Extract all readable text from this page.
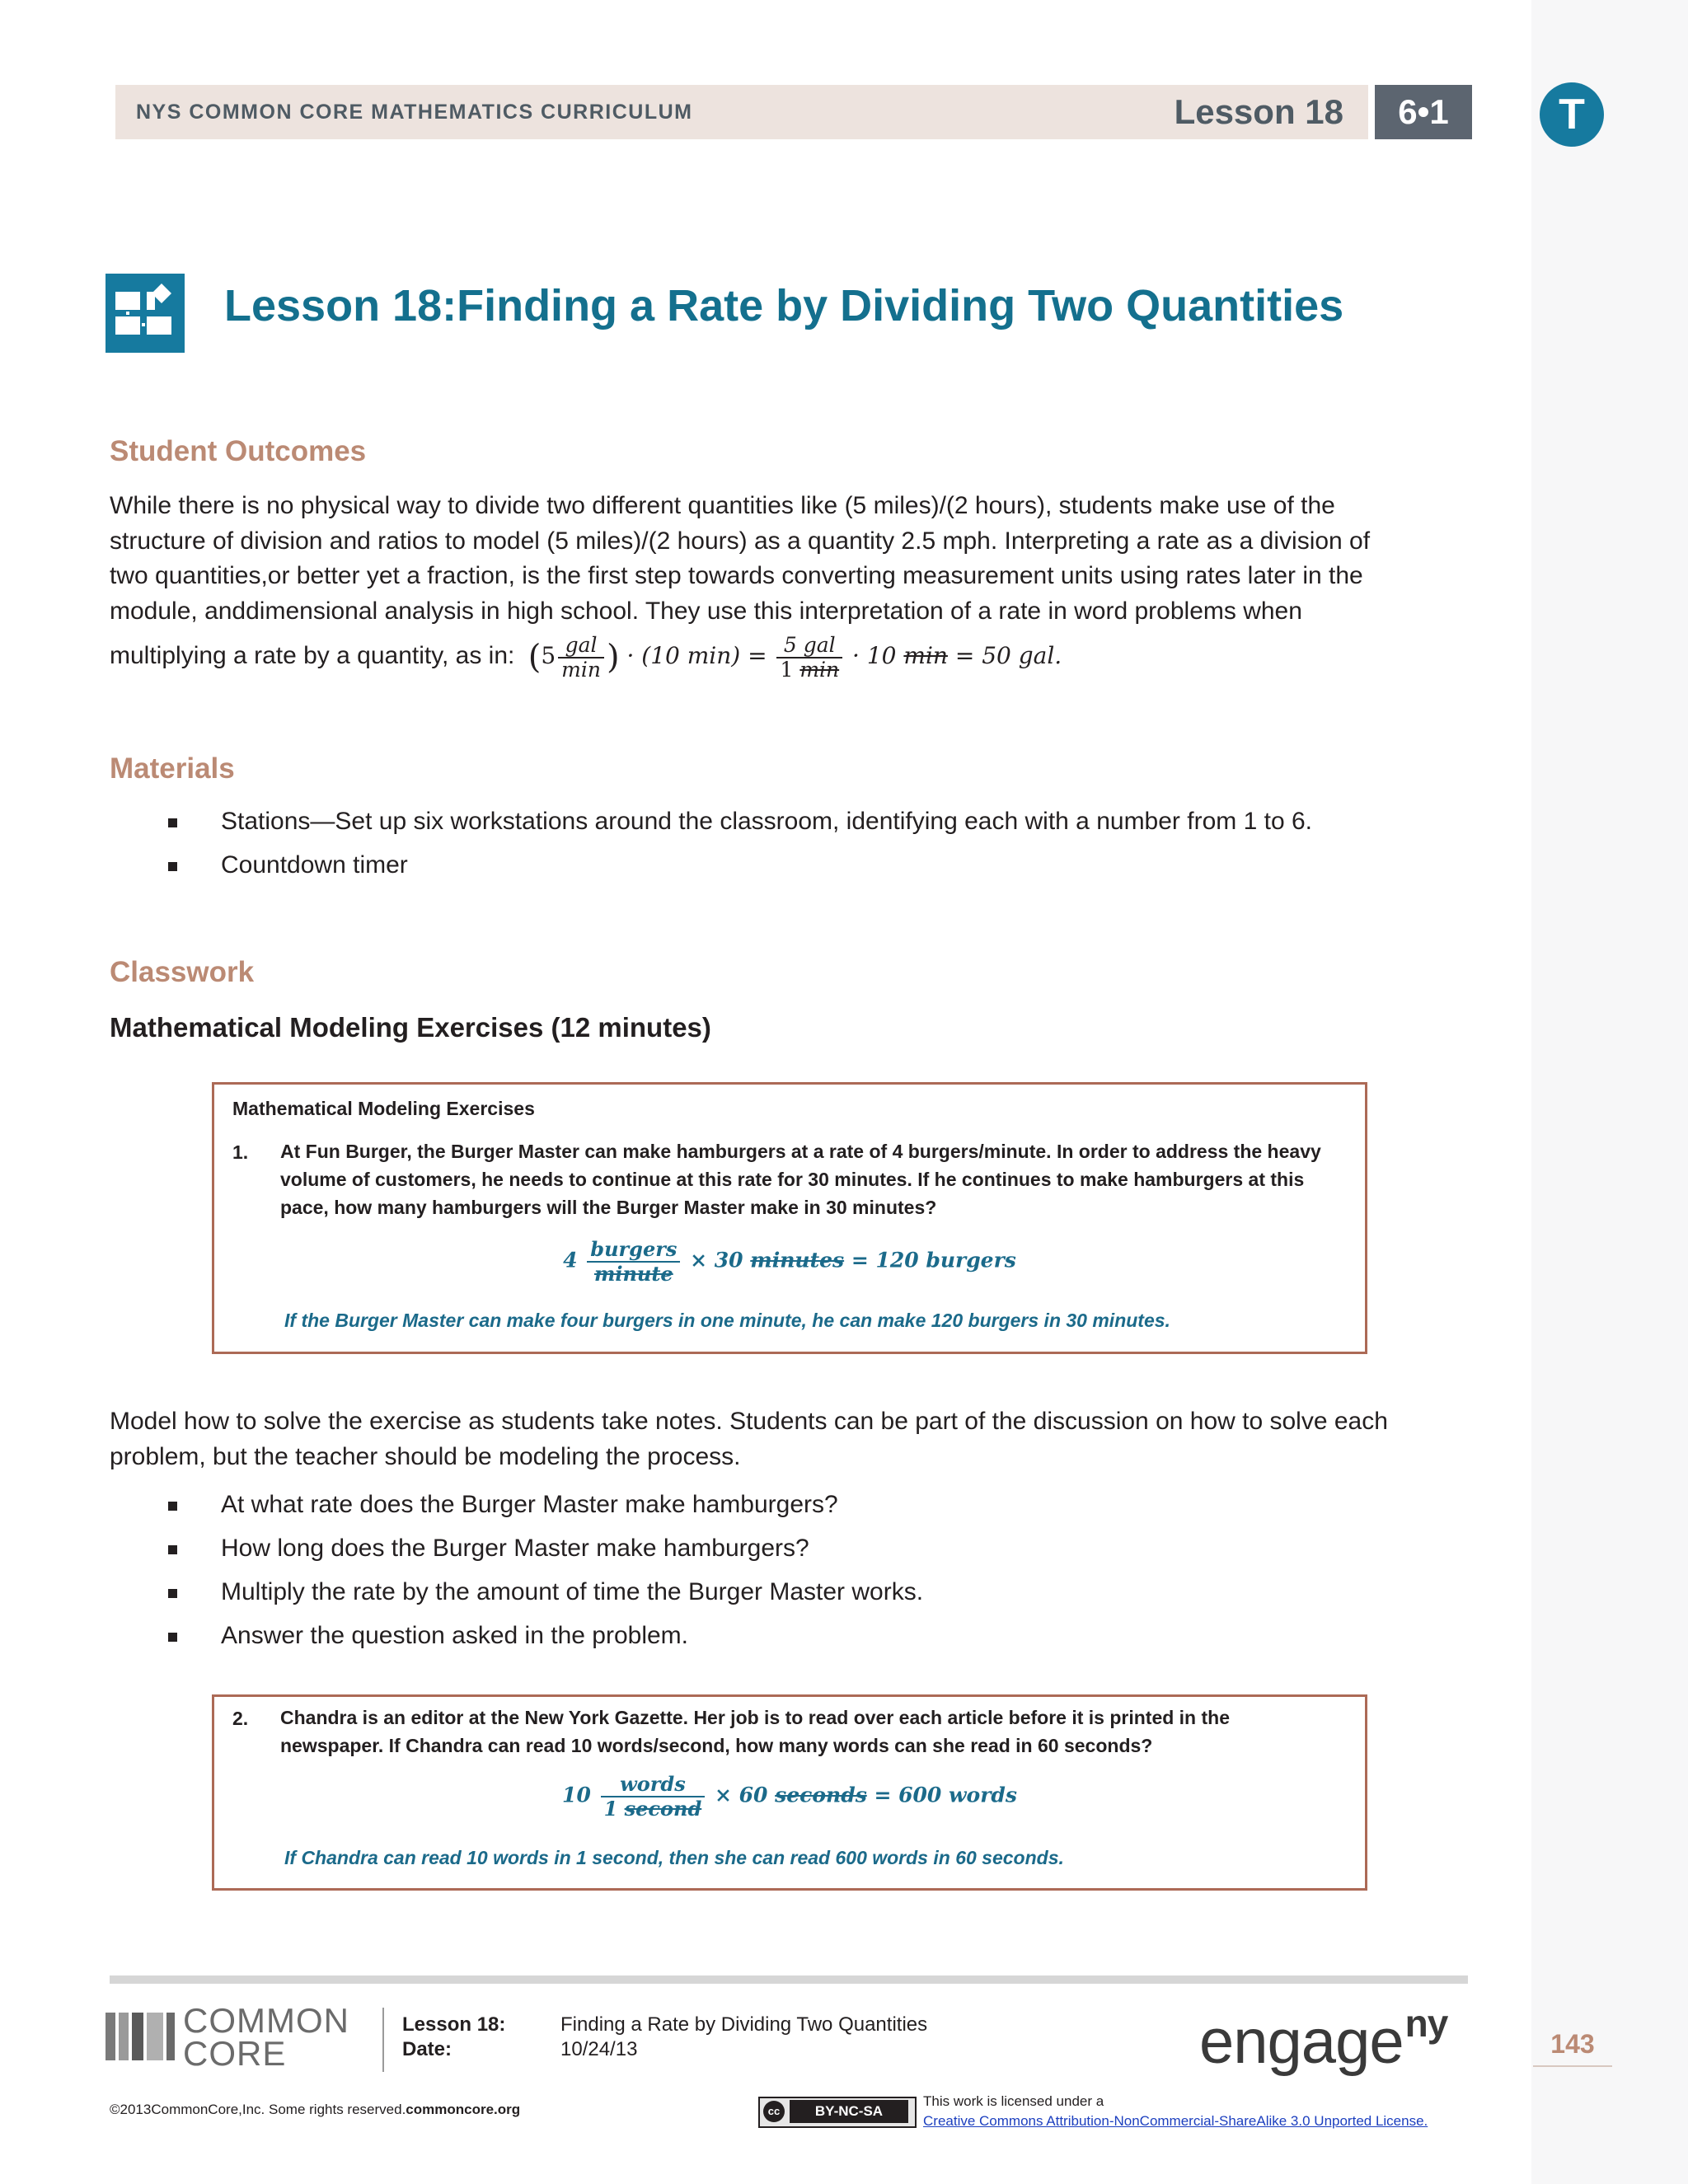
NYS COMMON CORE MATHEMATICS CURRICULUM	Lesson 18	6•1	T
Lesson 18:Finding a Rate by Dividing Two Quantities
Student Outcomes
While there is no physical way to divide two different quantities like (5 miles)/(2 hours), students make use of the
structure of division and ratios to model (5 miles)/(2 hours) as a quantity 2.5 mph. Interpreting a rate as a division of
two quantities,or better yet a fraction, is the first step towards converting measurement units using rates later in the
module, anddimensional analysis in high school. They use this interpretation of a rate in word problems when
multiplying a rate by a quantity, as in: ($5 \frac{\text{gal}}{\min}$ ) · (10 $\min) = \frac{\text{5 gal}}{1 \min} \cdot 10$ min = 50 gal.
Materials
Stations—Set up six workstations around the classroom, identifying each with a number from 1 to 6.
Countdown timer
Classwork
Mathematical Modeling Exercises (12 minutes)
Mathematical Modeling Exercises
1. At Fun Burger, the Burger Master can make hamburgers at a rate of 4 burgers/minute. In order to address the heavy
volume of customers, he needs to continue at this rate for 30 minutes. If he continues to make hamburgers at this
pace, how many hamburgers will the Burger Master make in 30 minutes?
$4 \frac{\text{burgers}}{\text{minute}} \times 30$ minutes = 120 burgers
If the Burger Master can make four burgers in one minute, he can make 120 burgers in 30 minutes.
Model how to solve the exercise as students take notes. Students can be part of the discussion on how to solve each
problem, but the teacher should be modeling the process.
At what rate does the Burger Master make hamburgers?
How long does the Burger Master make hamburgers?
Multiply the rate by the amount of time the Burger Master works.
Answer the question asked in the problem.
2. Chandra is an editor at the New York Gazette. Her job is to read over each article before it is printed in the
newspaper. If Chandra can read 10 words/second, how many words can she read in 60 seconds?
$10 \frac{\text{words}}{\text{1 second}} \times 60$ seconds = 600 words
If Chandra can read 10 words in 1 second, then she can read 600 words in 60 seconds.
COMMON
CORE
Lesson 18:
Date:
Finding a Rate by Dividing Two Quantities
10/24/13	engage$^{ny}$	143
©2013CommonCore,Inc. Some rights reserved.commoncore.org	cc	BY-NC-SA
This work is licensed under a
Creative Commons Attribution-NonCommercial-ShareAlike 3.0 Unported License.
